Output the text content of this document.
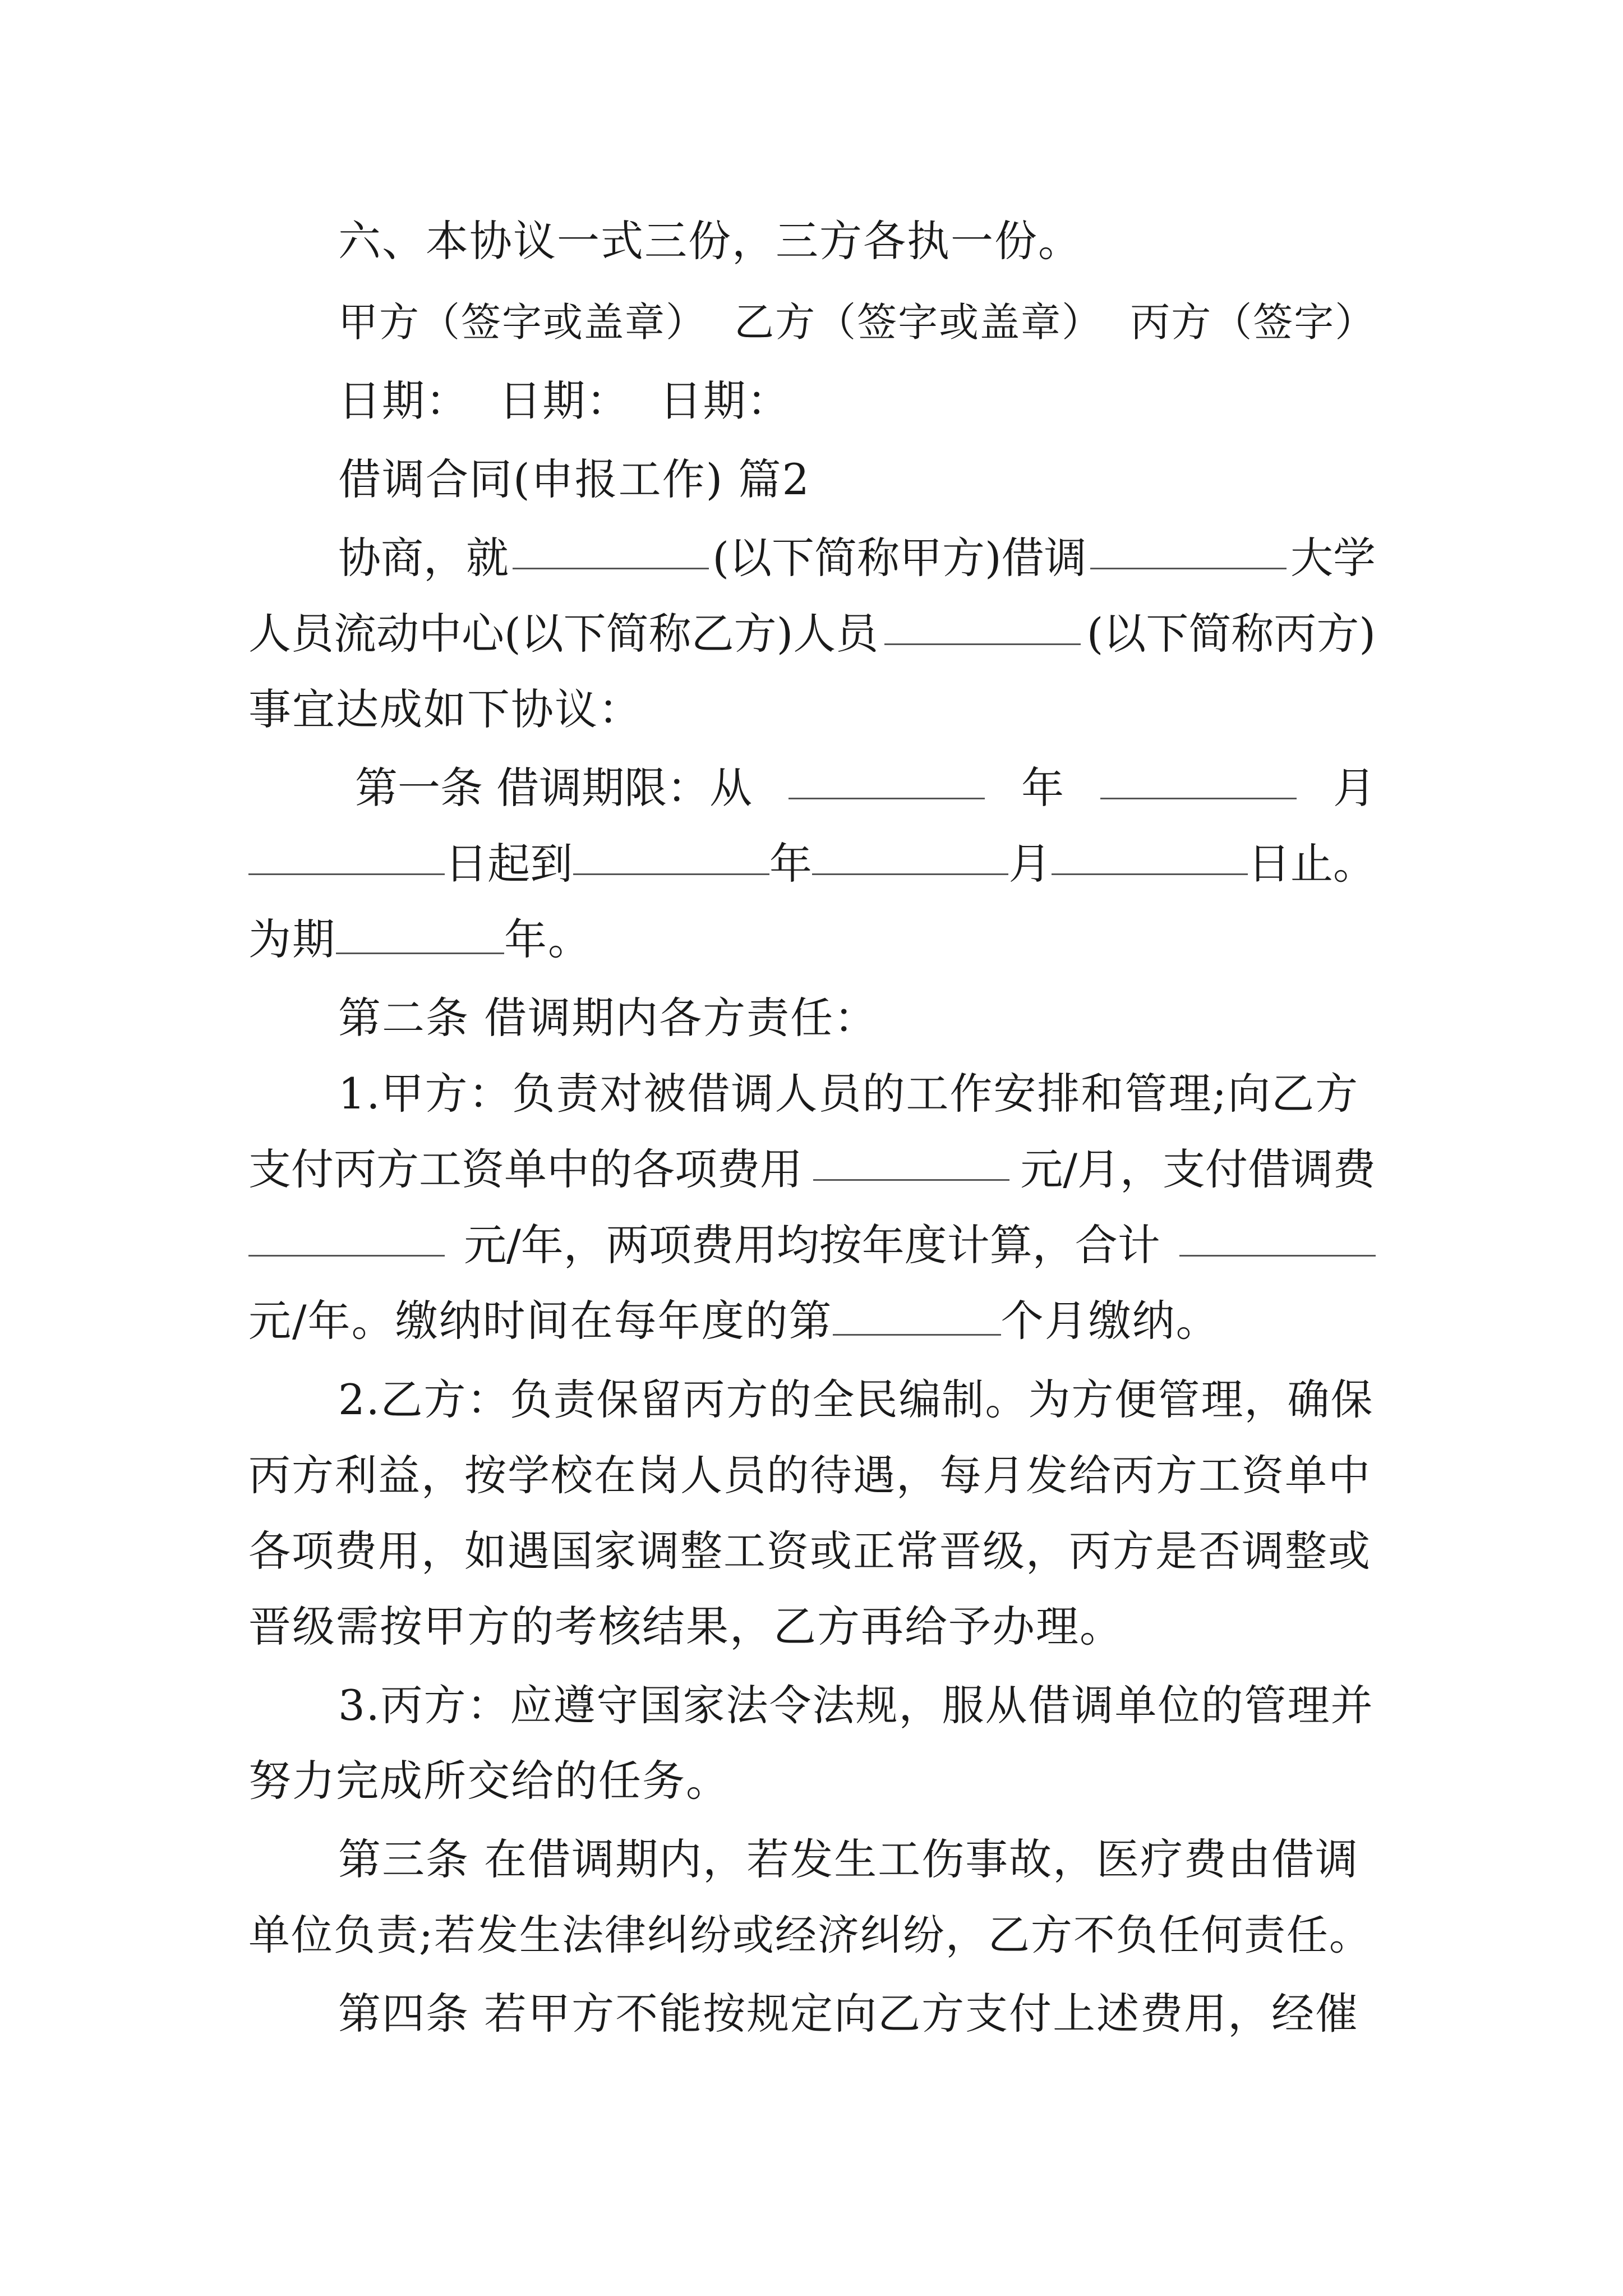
六、本协议一式三份，三方各执一份。
甲方（签字或盖章）  乙方（签字或盖章）  丙方（签字）
日期：  日期：  日期：
借调合同(申报工作) 篇2
协商，就	(以下简称甲方)借调	大学
人员流动中心(以下简称乙方)人员	(以下简称丙方)
事宜达成如下协议：
第一条 借调期限：从	年	月
日起到	年	月	日止。
为期	年。
第二条 借调期内各方责任：
1.甲方：负责对被借调人员的工作安排和管理;向乙方
支付丙方工资单中的各项费用	元/月，支付借调费
元/年，两项费用均按年度计算，合计
元/年。缴纳时间在每年度的第	个月缴纳。
2.乙方：负责保留丙方的全民编制。为方便管理，确保
丙方利益，按学校在岗人员的待遇，每月发给丙方工资单中
各项费用，如遇国家调整工资或正常晋级，丙方是否调整或
晋级需按甲方的考核结果，乙方再给予办理。
3.丙方：应遵守国家法令法规，服从借调单位的管理并
努力完成所交给的任务。
第三条 在借调期内，若发生工伤事故，医疗费由借调
单位负责;若发生法律纠纷或经济纠纷，乙方不负任何责任。
第四条 若甲方不能按规定向乙方支付上述费用，经催
